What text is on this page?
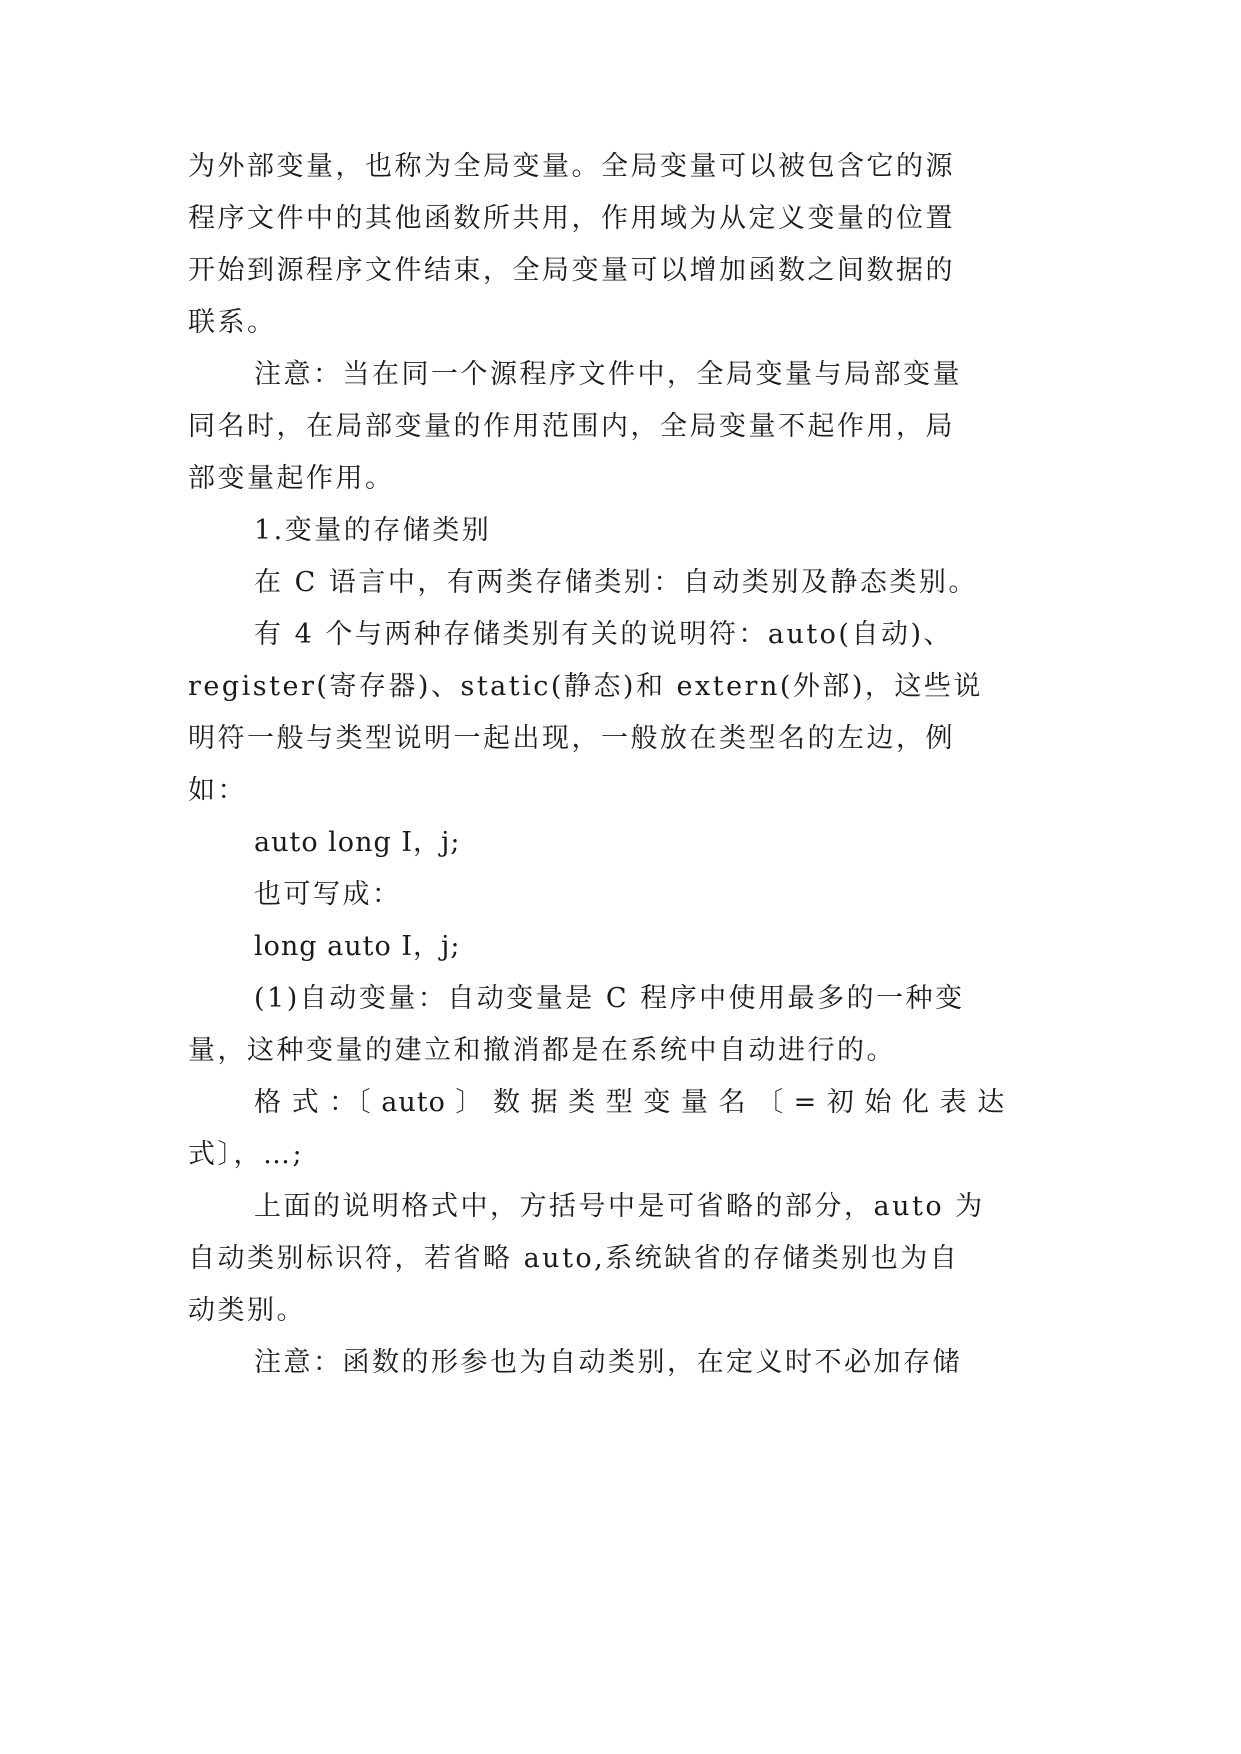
为外部变量，也称为全局变量。全局变量可以被包含它的源
程序文件中的其他函数所共用，作用域为从定义变量的位置
开始到源程序文件结束，全局变量可以增加函数之间数据的
联系。
注意：当在同一个源程序文件中，全局变量与局部变量
同名时，在局部变量的作用范围内，全局变量不起作用，局
部变量起作用。
1.变量的存储类别
在 C 语言中，有两类存储类别：自动类别及静态类别。
有 4 个与两种存储类别有关的说明符：auto(自动)、
register(寄存器)、static(静态)和 extern(外部)，这些说
明符一般与类型说明一起出现，一般放在类型名的左边，例
如：
auto long I，j;
也可写成：
long auto I，j;
(1)自动变量：自动变量是 C 程序中使用最多的一种变
量，这种变量的建立和撤消都是在系统中自动进行的。
格 式 ：〔 auto 〕 数 据 类 型 变 量 名 〔 = 初 始 化 表 达
式〕，…;
上面的说明格式中，方括号中是可省略的部分，auto 为
自动类别标识符，若省略 auto,系统缺省的存储类别也为自
动类别。
注意：函数的形参也为自动类别，在定义时不必加存储
